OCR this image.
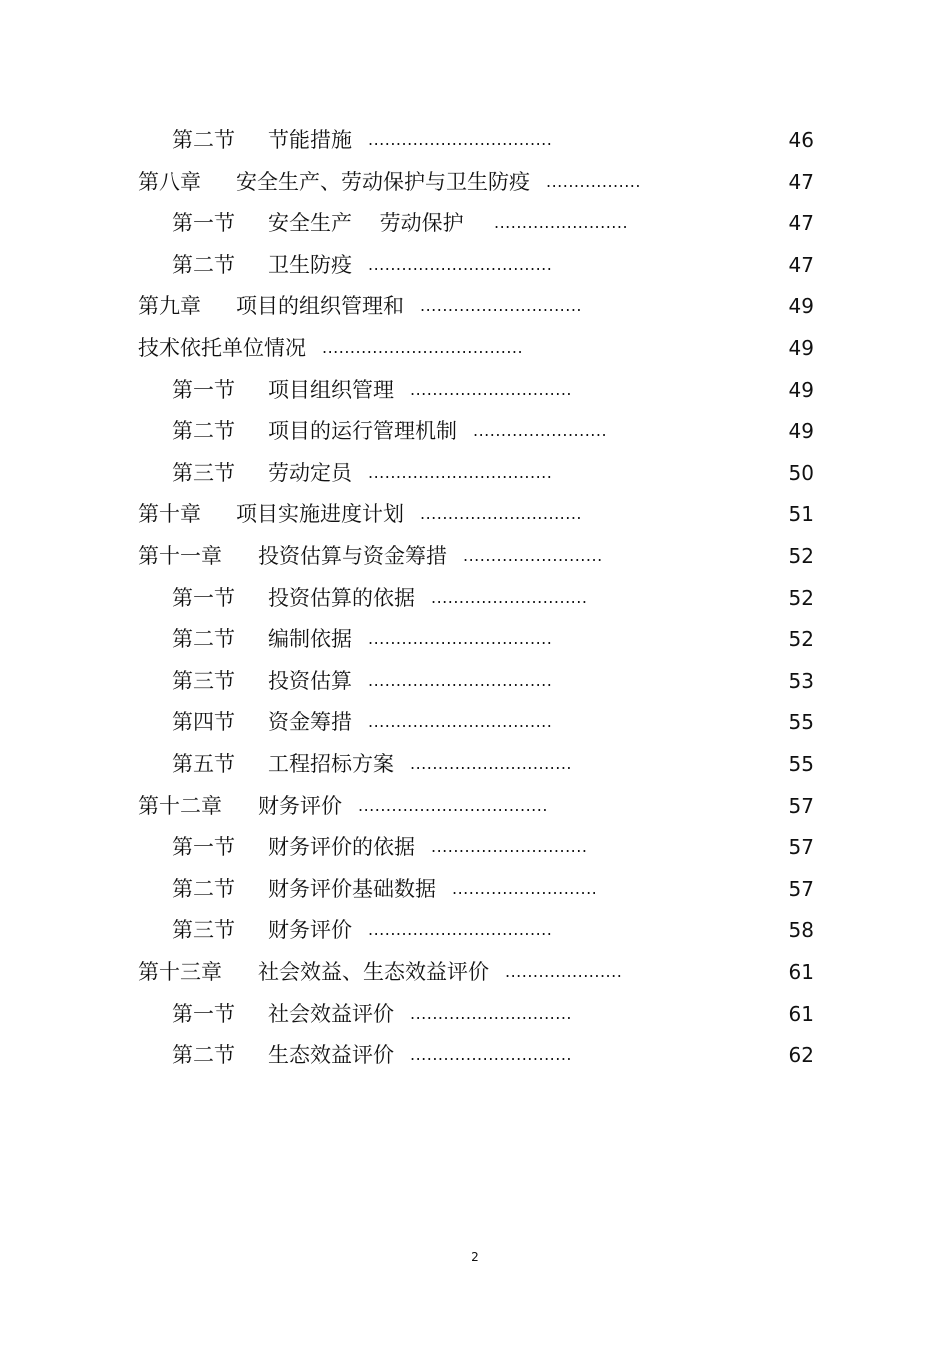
第二节 节能措施 .................................	46
第八章 安全生产、劳动保护与卫生防疫 .................	47
第一节 安全生产　 劳动保护 ........................	47
第二节 卫生防疫 .................................	47
第九章 项目的组织管理和 .............................	49
技术依托单位情况 ....................................	49
第一节 项目组织管理 .............................	49
第二节 项目的运行管理机制 ........................	49
第三节 劳动定员 .................................	50
第十章 项目实施进度计划 .............................	51
第十一章 投资估算与资金筹措 .........................	52
第一节 投资估算的依据 ............................	52
第二节 编制依据 .................................	52
第三节 投资估算 .................................	53
第四节 资金筹措 .................................	55
第五节 工程招标方案 .............................	55
第十二章 财务评价 ..................................	57
第一节 财务评价的依据 ............................	57
第二节 财务评价基础数据 ..........................	57
第三节 财务评价 .................................	58
第十三章 社会效益、生态效益评价 .....................	61
第一节 社会效益评价 .............................	61
第二节 生态效益评价 .............................	62
2
